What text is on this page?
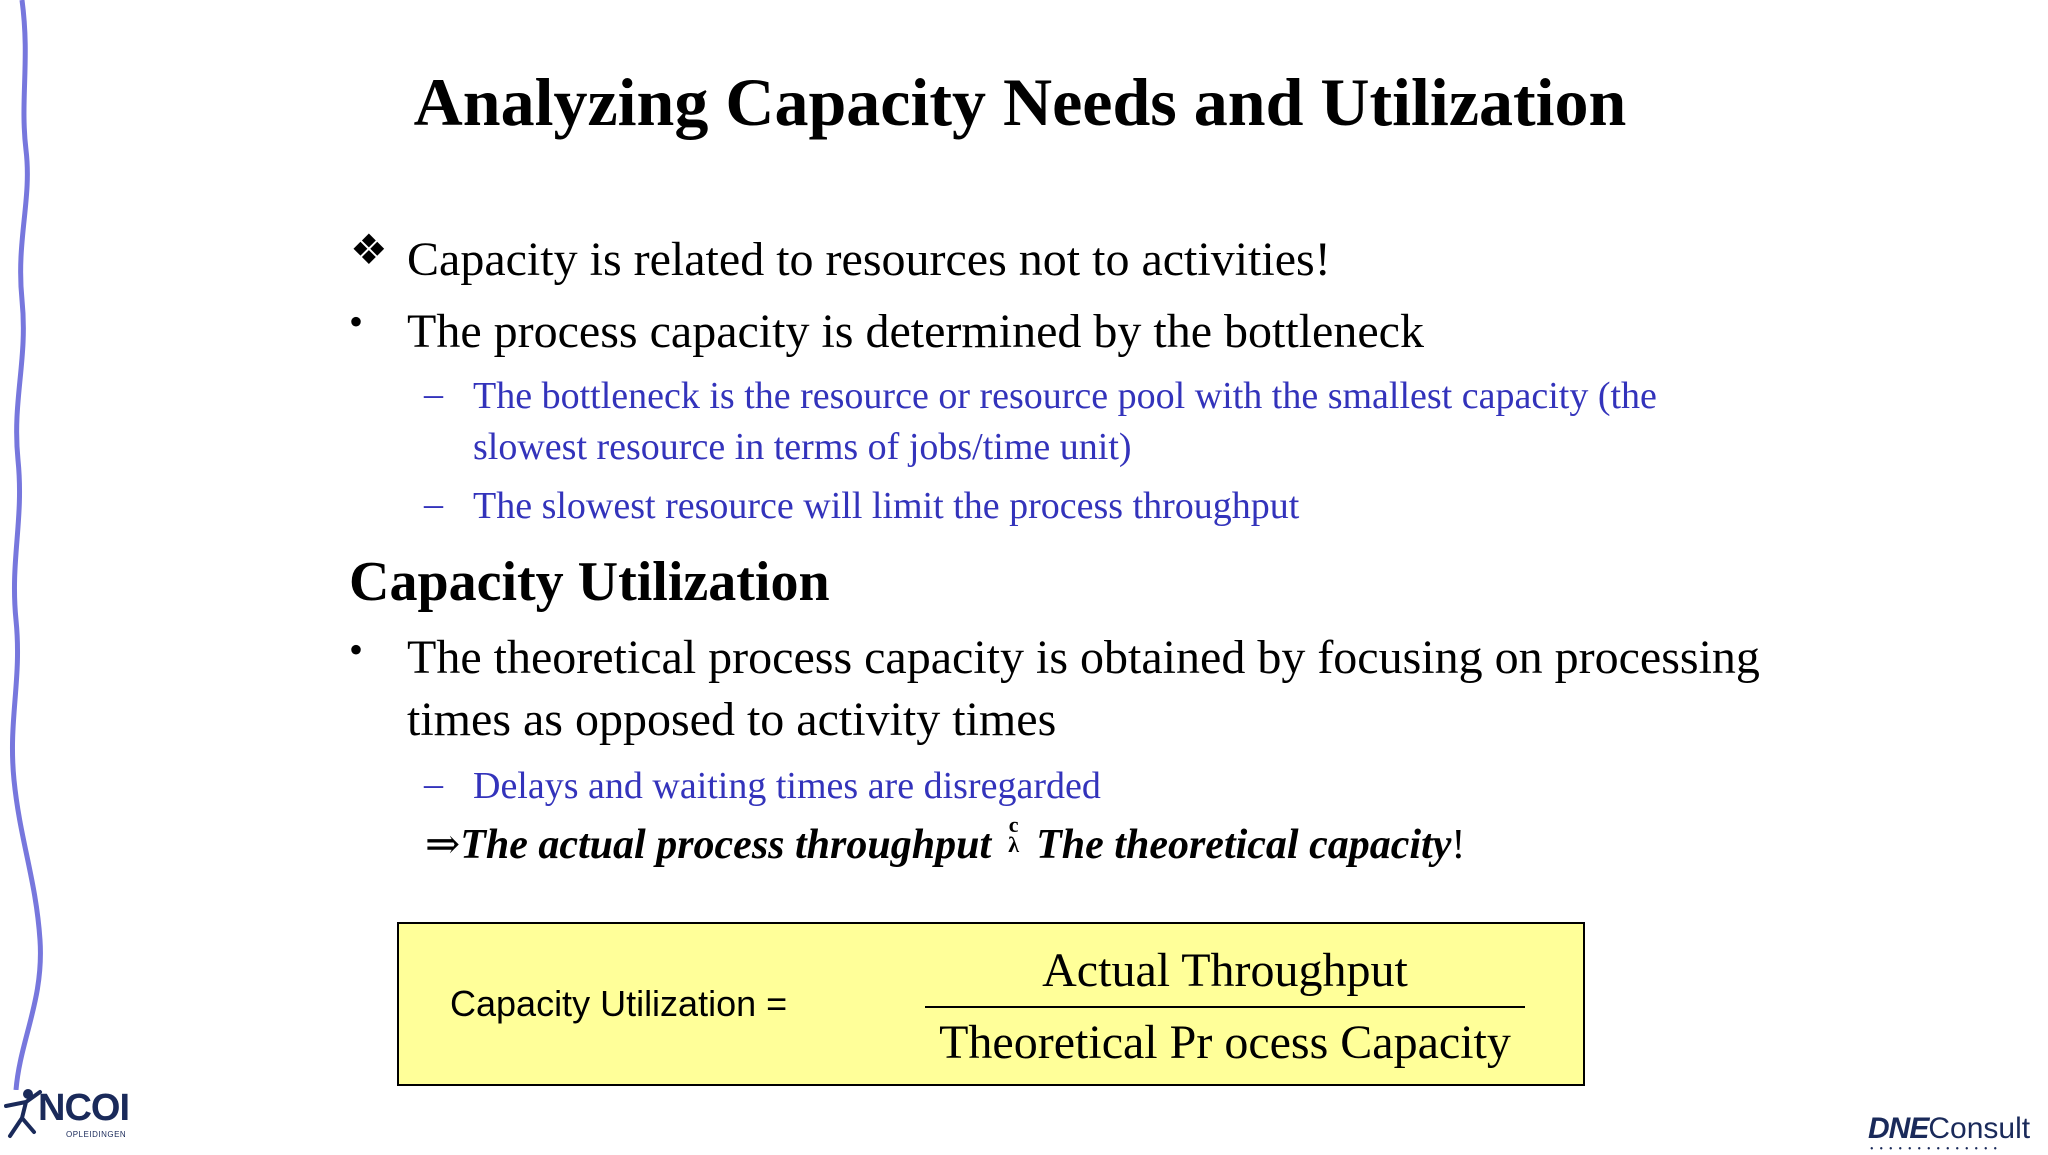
Analyzing Capacity Needs and Utilization
❖ Capacity is related to resources not to activities!
• The process capacity is determined by the bottleneck
– The bottleneck is the resource or resource pool with the smallest capacity (the
slowest resource in terms of jobs/time unit)
– The slowest resource will limit the process throughput
Capacity Utilization
• The theoretical process capacity is obtained by focusing on processing
times as opposed to activity times
– Delays and waiting times are disregarded
⇒The actual process throughput c
λ The theoretical capacity!
Capacity Utilization =
Actual Throughput
Theoretical Pr ocess Capacity
NCOI
OPLEIDINGEN	DNEConsult
••••••••••••••
